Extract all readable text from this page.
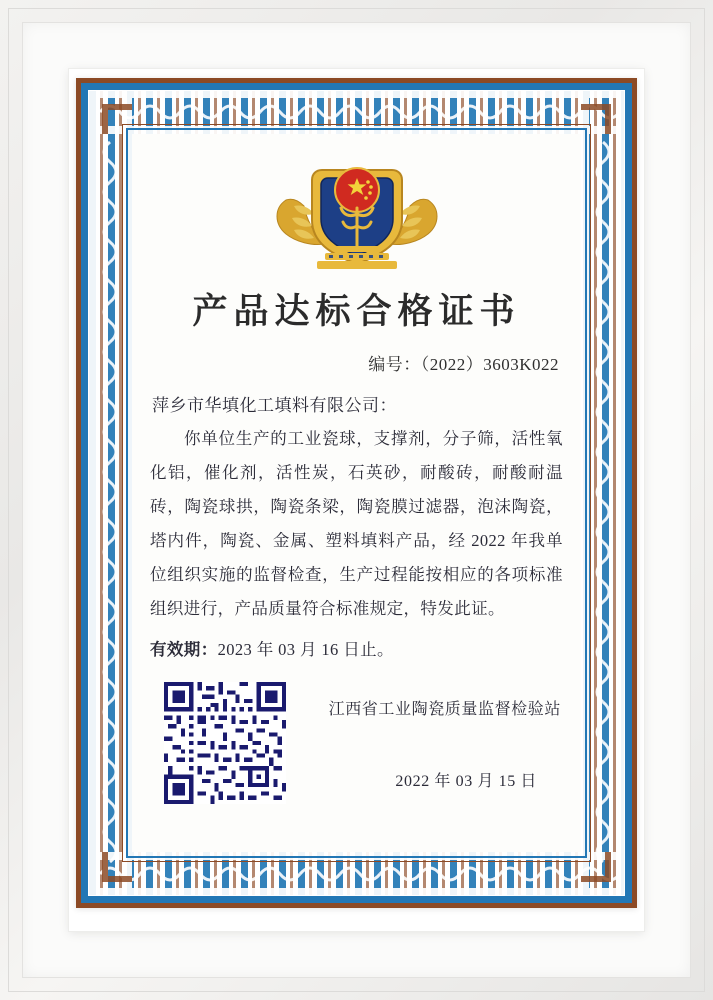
产品达标合格证书
编号：（2022）3603K022
萍乡市华填化工填料有限公司：
你单位生产的工业瓷球，支撑剂，分子筛，活性氧化铝，催化剂，活性炭，石英砂，耐酸砖，耐酸耐温砖，陶瓷球拱，陶瓷条梁，陶瓷膜过滤器，泡沫陶瓷，塔内件，陶瓷、金属、塑料填料产品，经 2022 年我单位组织实施的监督检查，生产过程能按相应的各项标准组织进行，产品质量符合标准规定，特发此证。
有效期：2023 年 03 月 16 日止。
江西省工业陶瓷质量监督检验站
2022 年 03 月 15 日
